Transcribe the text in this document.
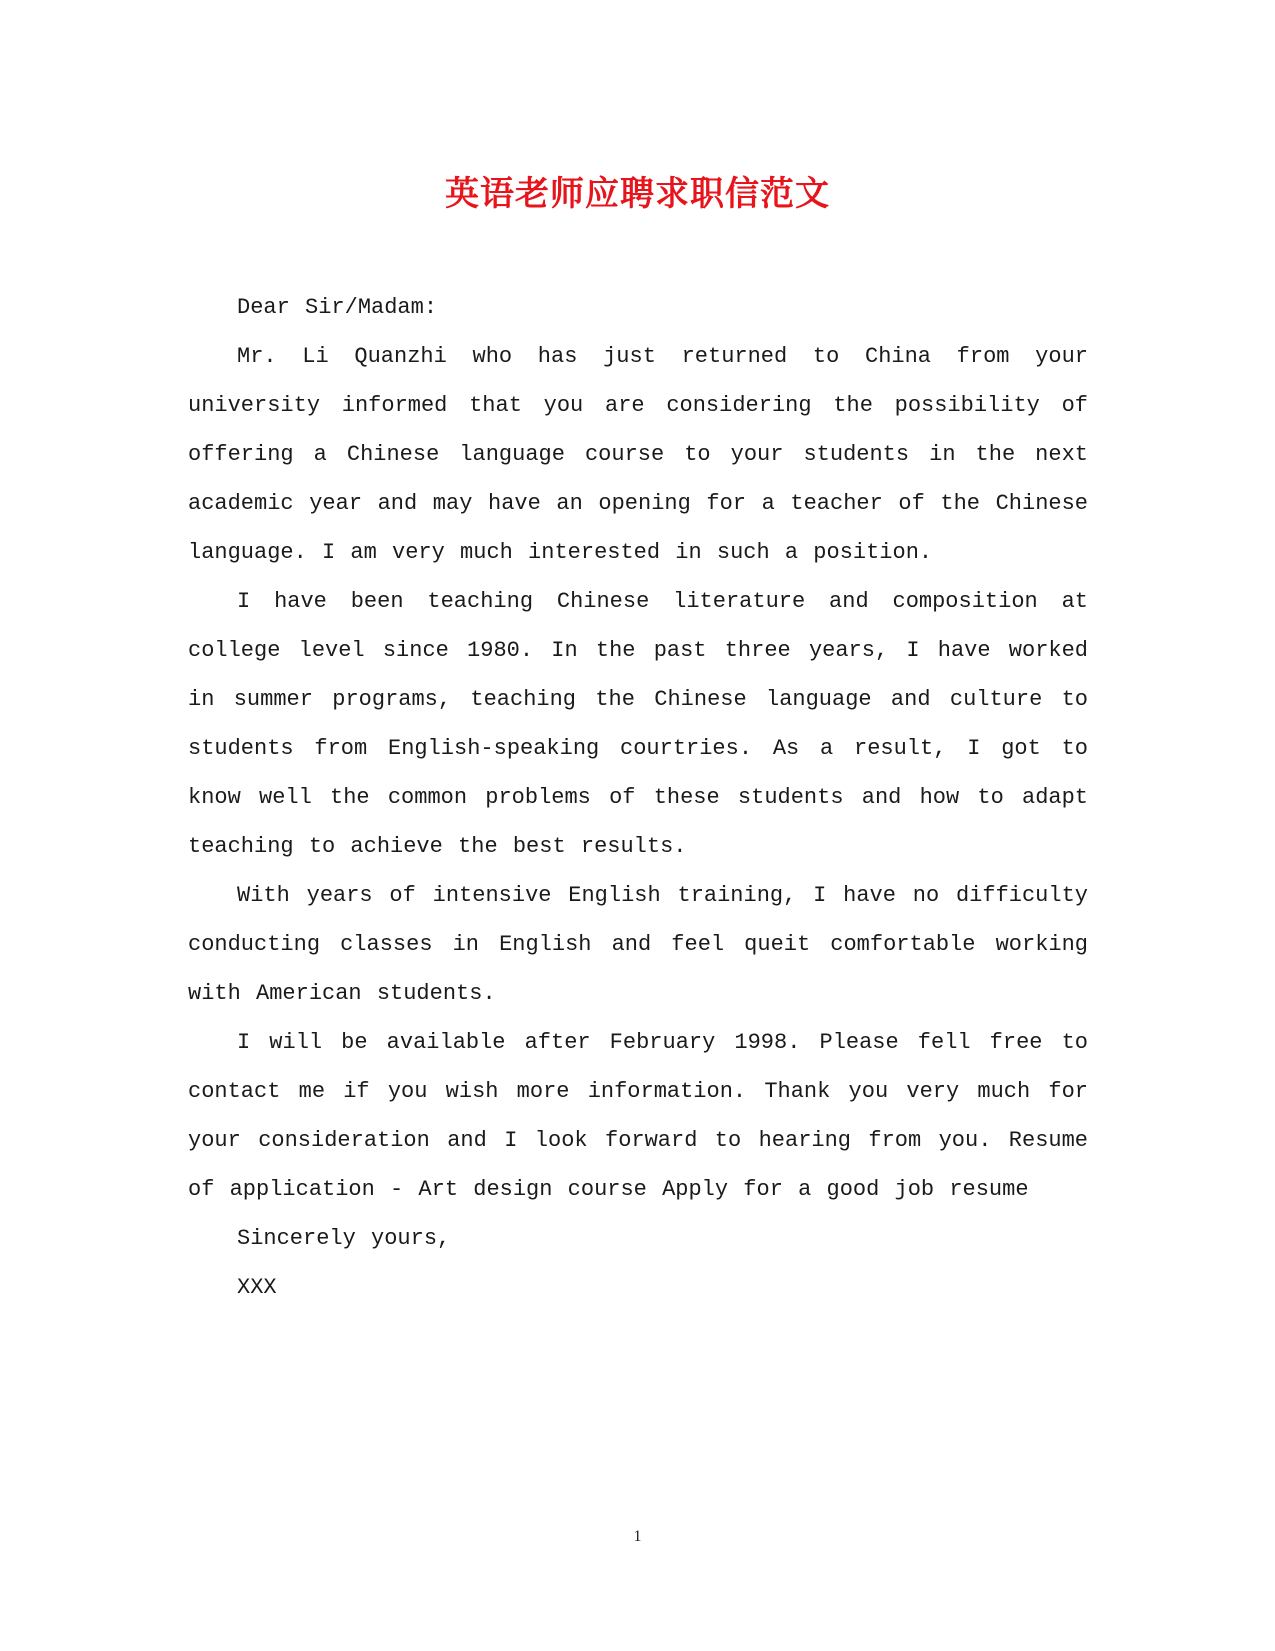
英语老师应聘求职信范文

Dear Sir/Madam:

Mr. Li Quanzhi who has just returned to China from your university informed that you are considering the possibility of offering a Chinese language course to your students in the next academic year and may have an opening for a teacher of the Chinese language. I am very much interested in such a position.

I have been teaching Chinese literature and composition at college level since 1980. In the past three years, I have worked in summer programs, teaching the Chinese language and culture to students from English-speaking courtries. As a result, I got to know well the common problems of these students and how to adapt teaching to achieve the best results.

With years of intensive English training, I have no difficulty conducting classes in English and feel queit comfortable working with American students.

I will be available after February 1998. Please fell free to contact me if you wish more information. Thank you very much for your consideration and I look forward to hearing from you. Resume of application - Art design course Apply for a good job resume

Sincerely yours,

XXX

1
